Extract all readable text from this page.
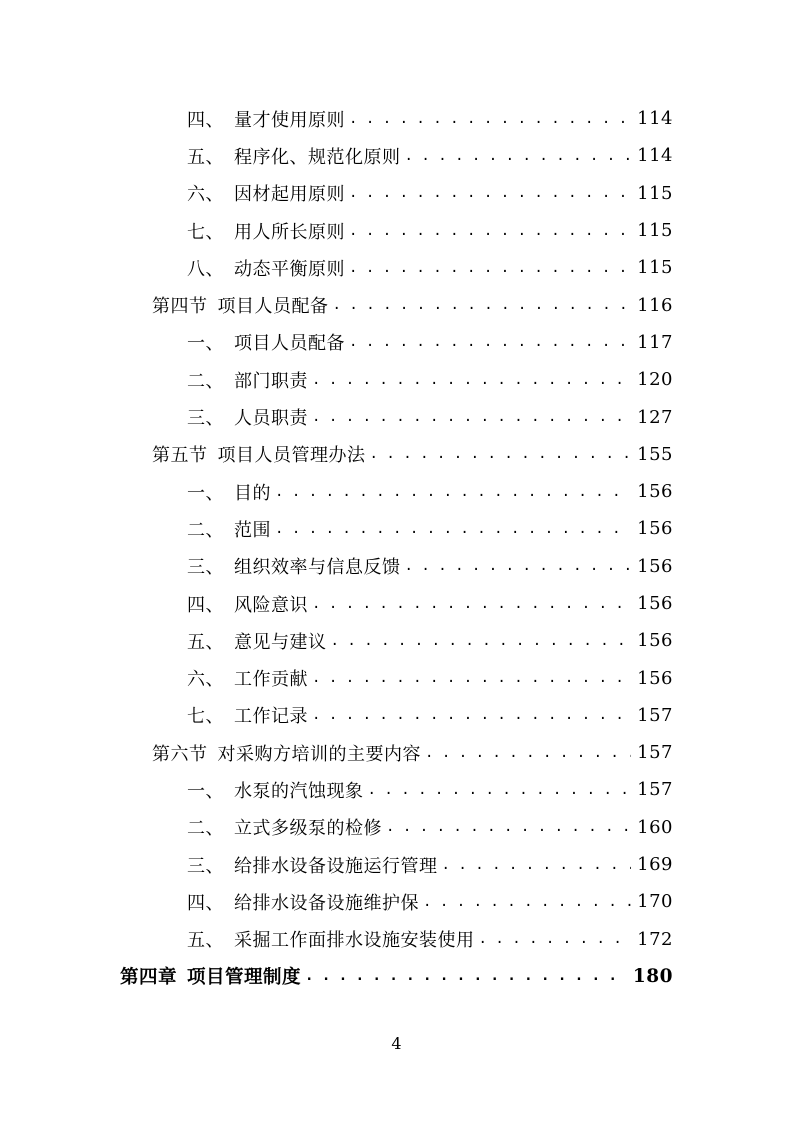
四、 量才使用原则 . . .	114
五、 程序化、规范化原则 . . .	114
六、 因材起用原则 . . .	115
七、 用人所长原则 . . .	115
八、 动态平衡原则 . . .	115
第四节 项目人员配备 . . .	116
一、 项目人员配备 . . .	117
二、 部门职责 . . .	120
三、 人员职责 . . .	127
第五节 项目人员管理办法 . . .	155
一、 目的 . . .	156
二、 范围 . . .	156
三、 组织效率与信息反馈 . . .	156
四、 风险意识 . . .	156
五、 意见与建议 . . .	156
六、 工作贡献 . . .	156
七、 工作记录 . . .	157
第六节 对采购方培训的主要内容 . . .	157
一、 水泵的汽蚀现象 . . .	157
二、 立式多级泵的检修 . . .	160
三、 给排水设备设施运行管理 . . .	169
四、 给排水设备设施维护保 . . .	170
五、 采掘工作面排水设施安装使用 . . .	172
第四章 项目管理制度 . . .	180
4
